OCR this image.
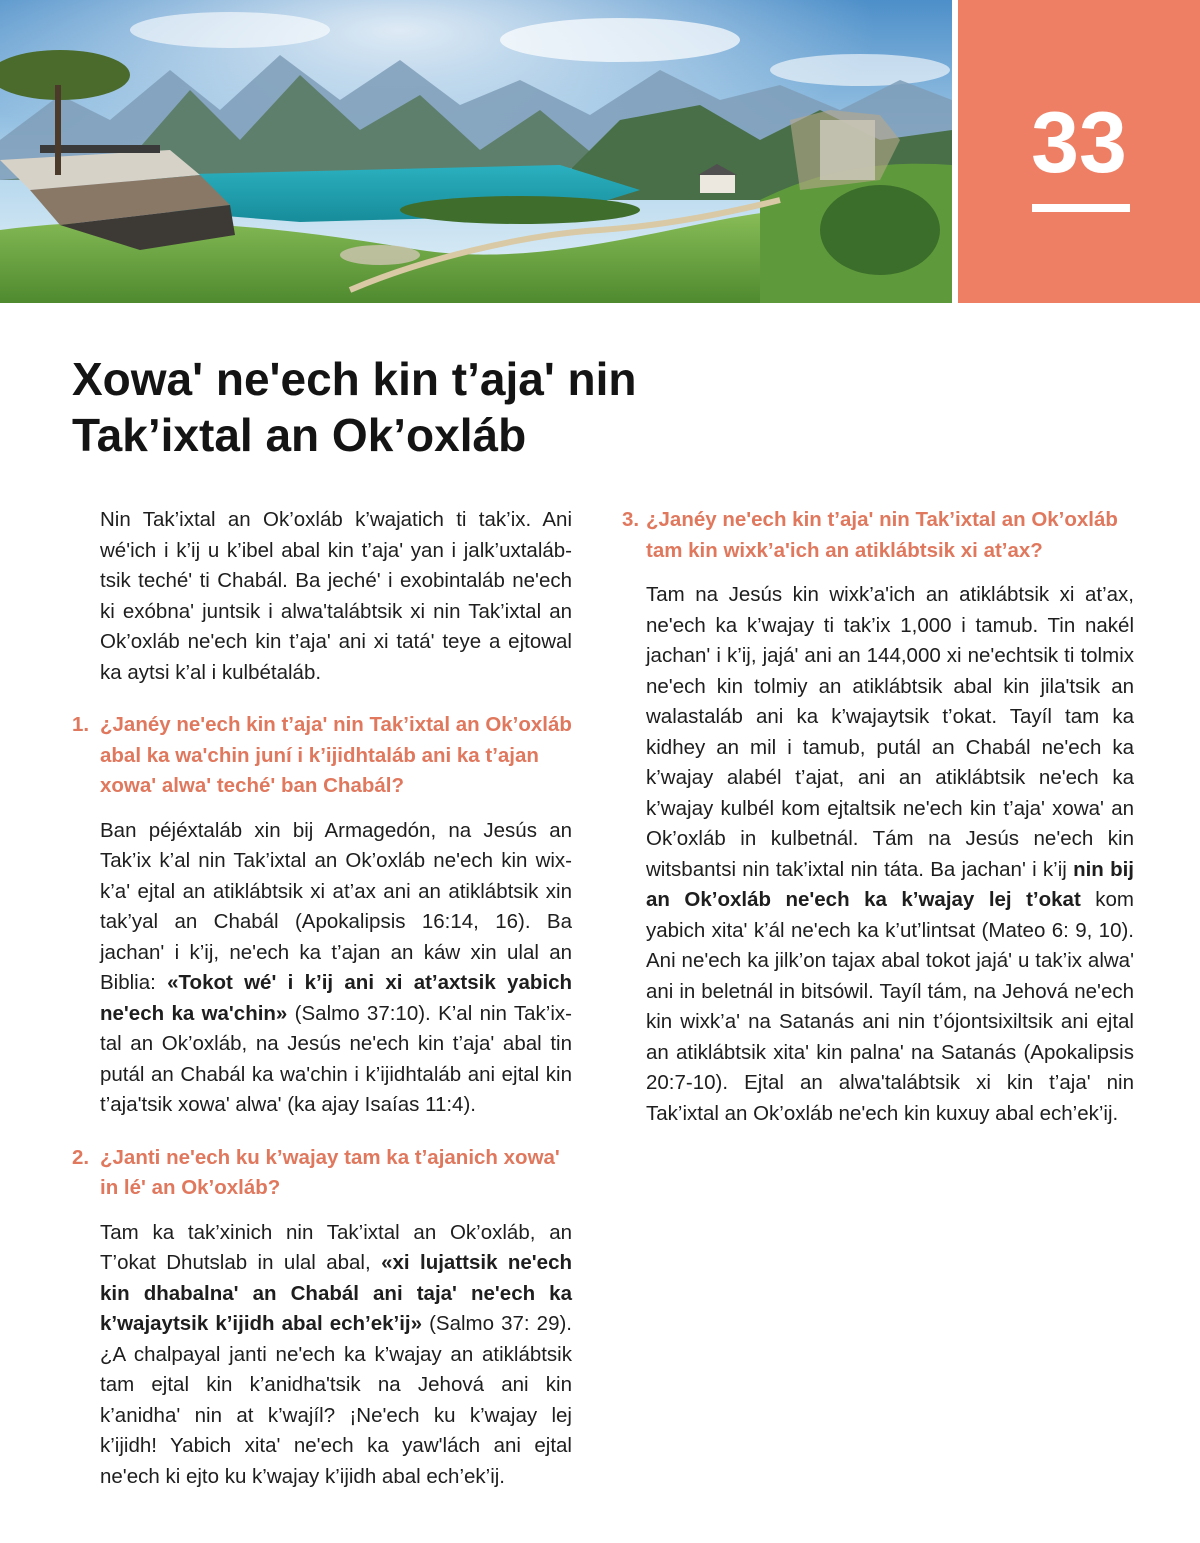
33
Xowa' ne'ech kin t’aja' nin
Tak’ixtal an Ok’oxláb

Nin Tak’ixtal an Ok’oxláb k’wajatich ti tak’ix. Ani wé'ich i k’ij u k’ibel abal kin t’aja' yan i jalk’uxtalábtsik teché' ti Chabál. Ba jeché' i exobintaláb ne'ech ki exóbna' juntsik i alwa'talábtsik xi nin Tak’ixtal an Ok’oxláb ne'ech kin t’aja' ani xi tatá' teye a ejtowal ka aytsi k’al i kulbétaláb.

1. ¿Janéy ne'ech kin t’aja' nin Tak’ixtal an Ok’oxláb abal ka wa'chin juní i k’ijidhtaláb ani ka t’ajan xowa' alwa' teché' ban Chabál?

Ban péjéxtaláb xin bij Armagedón, na Jesús an Tak’ix k’al nin Tak’ixtal an Ok’oxláb ne'ech kin wixk’a' ejtal an atiklábtsik xi at’ax ani an atiklábtsik xin tak’yal an Chabál (Apokalipsis 16:14, 16). Ba jachan' i k’ij, ne'ech ka t’ajan an káw xin ulal an Biblia: «Tokot wé' i k’ij ani xi at’axtsik yabich ne'ech ka wa'chin» (Salmo 37:10). K’al nin Tak’ixtal an Ok’oxláb, na Jesús ne'ech kin t’aja' abal tin putál an Chabál ka wa'chin i k’ijidhtaláb ani ejtal kin t’aja'tsik xowa' alwa' (ka ajay Isaías 11:4).

2. ¿Janti ne'ech ku k’wajay tam ka t’ajanich xowa' in lé' an Ok’oxláb?

Tam ka tak’xinich nin Tak’ixtal an Ok’oxláb, an T’okat Dhutslab in ulal abal, «xi lujattsik ne'ech kin dhabalna' an Chabál ani taja' ne'ech ka k’wajaytsik k’ijidh abal ech’ek’ij» (Salmo 37: 29). ¿A chalpayal janti ne'ech ka k’wajay an atiklábtsik tam ejtal kin k’anidha'tsik na Jehová ani kin k’anidha' nin at k’wajíl? ¡Ne'ech ku k’wajay lej k’ijidh! Yabich xita' ne'ech ka yaw'lách ani ejtal ne'ech ki ejto ku k’wajay k’ijidh abal ech’ek’ij.

3. ¿Janéy ne'ech kin t’aja' nin Tak’ixtal an Ok’oxláb tam kin wixk’a'ich an atiklábtsik xi at’ax?

Tam na Jesús kin wixk’a'ich an atiklábtsik xi at’ax, ne'ech ka k’wajay ti tak’ix 1,000 i tamub. Tin nakél jachan' i k’ij, jajá' ani an 144,000 xi ne'echtsik ti tolmix ne'ech kin tolmiy an atiklábtsik abal kin jila'tsik an walastaláb ani ka k’wajaytsik t’okat. Tayíl tam ka kidhey an mil i tamub, putál an Chabál ne'ech ka k’wajay alabél t’ajat, ani an atiklábtsik ne'ech ka k’wajay kulbél kom ejtaltsik ne'ech kin t’aja' xowa' an Ok’oxláb in kulbetnál. Tám na Jesús ne'ech kin witsbantsi nin tak’ixtal nin táta. Ba jachan' i k’ij nin bij an Ok’oxláb ne'ech ka k’wajay lej t’okat kom yabich xita' k’ál ne'ech ka k’ut’lintsat (Mateo 6: 9, 10). Ani ne'ech ka jilk’on tajax abal tokot jajá' u tak’ix alwa' ani in beletnál in bitsówil. Tayíl tám, na Jehová ne'ech kin wixk’a' na Satanás ani nin t’ójontsixiltsik ani ejtal an atiklábtsik xita' kin palna' na Satanás (Apokalipsis 20:7-10). Ejtal an alwa'talábtsik xi kin t’aja' nin Tak’ixtal an Ok’oxláb ne'ech kin kuxuy abal ech’ek’ij.
